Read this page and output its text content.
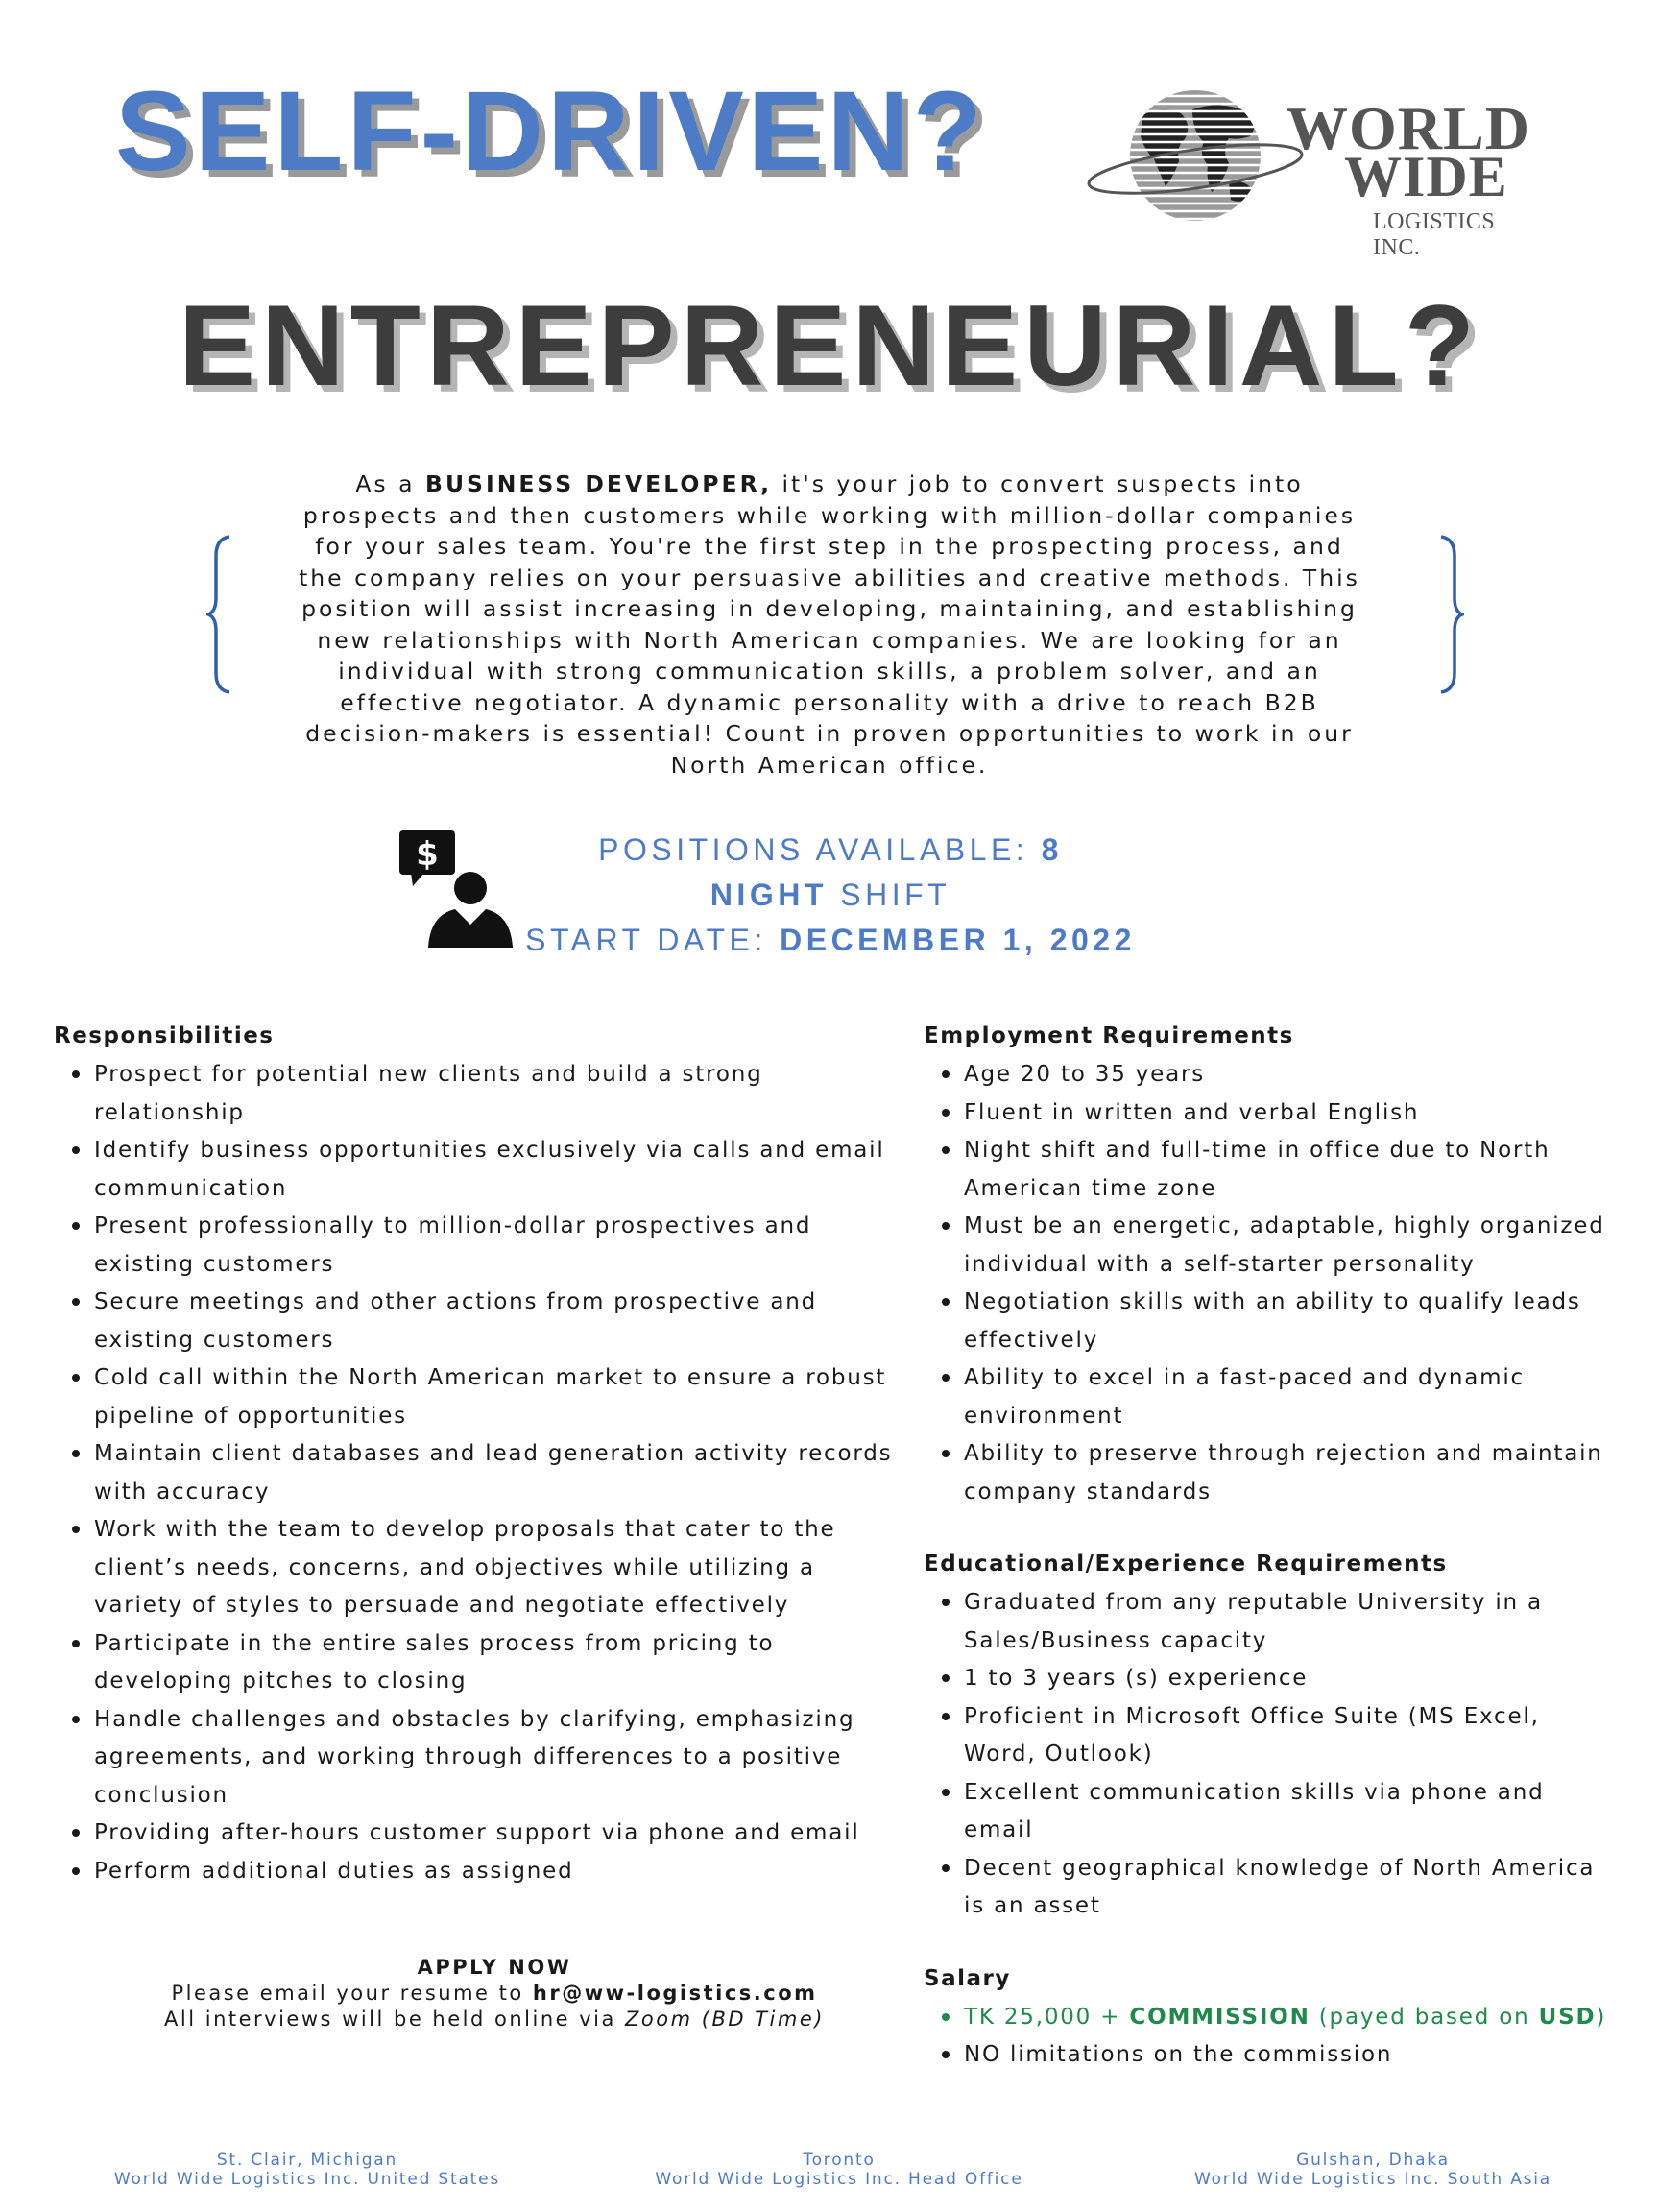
SELF-DRIVEN?
ENTREPRENEURIAL?
WORLD
WIDE
LOGISTICS INC.

As a BUSINESS DEVELOPER, it's your job to convert suspects into prospects and then customers while working with million-dollar companies for your sales team. You're the first step in the prospecting process, and the company relies on your persuasive abilities and creative methods. This position will assist increasing in developing, maintaining, and establishing new relationships with North American companies. We are looking for an individual with strong communication skills, a problem solver, and an effective negotiator. A dynamic personality with a drive to reach B2B decision-makers is essential! Count in proven opportunities to work in our North American office.

$	POSITIONS AVAILABLE: 8
NIGHT SHIFT
START DATE: DECEMBER 1, 2022
Responsibilities
Prospect for potential new clients and build a strong relationship
Identify business opportunities exclusively via calls and email communication
Present professionally to million-dollar prospectives and existing customers
Secure meetings and other actions from prospective and existing customers
Cold call within the North American market to ensure a robust pipeline of opportunities
Maintain client databases and lead generation activity records with accuracy
Work with the team to develop proposals that cater to the client’s needs, concerns, and objectives while utilizing a variety of styles to persuade and negotiate effectively
Participate in the entire sales process from pricing to developing pitches to closing
Handle challenges and obstacles by clarifying, emphasizing agreements, and working through differences to a positive conclusion
Providing after-hours customer support via phone and email
Perform additional duties as assigned
Employment Requirements
Age 20 to 35 years
Fluent in written and verbal English
Night shift and full-time in office due to North American time zone
Must be an energetic, adaptable, highly organized individual with a self-starter personality
Negotiation skills with an ability to qualify leads effectively
Ability to excel in a fast-paced and dynamic environment
Ability to preserve through rejection and maintain company standards
Educational/Experience Requirements
Graduated from any reputable University in a Sales/Business capacity
1 to 3 years (s) experience
Proficient in Microsoft Office Suite (MS Excel, Word, Outlook)
Excellent communication skills via phone and email
Decent geographical knowledge of North America is an asset
Salary
TK 25,000 + COMMISSION (payed based on USD)
NO limitations on the commission
APPLY NOW
Please email your resume to hr@ww-logistics.com
All interviews will be held online via Zoom (BD Time)
St. Clair, Michigan
World Wide Logistics Inc. United States
Toronto
World Wide Logistics Inc. Head Office
Gulshan, Dhaka
World Wide Logistics Inc. South Asia
